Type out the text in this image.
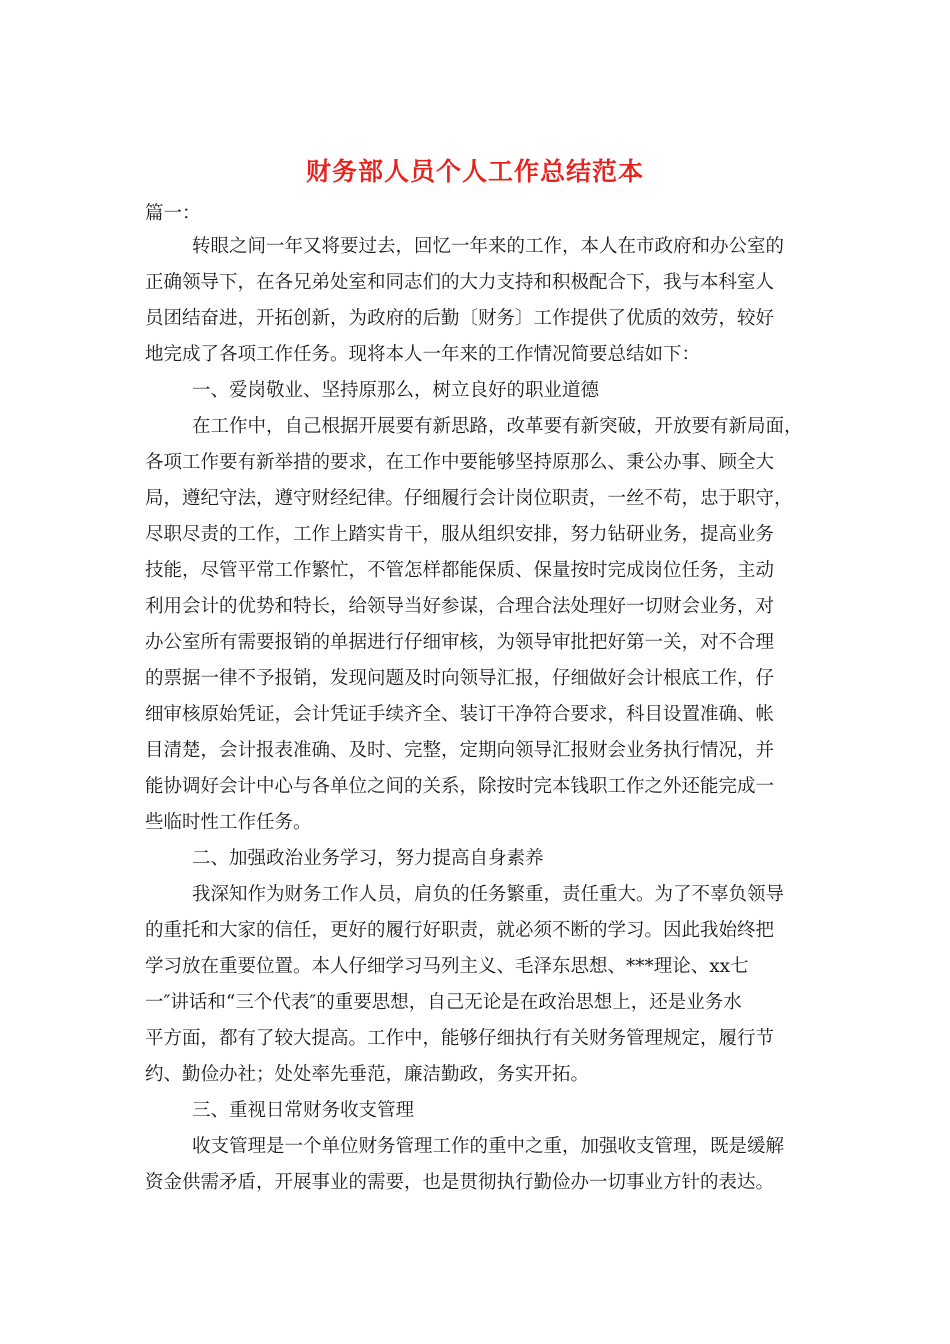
财务部人员个人工作总结范本
篇一：
转眼之间一年又将要过去，回忆一年来的工作，本人在市政府和办公室的
正确领导下，在各兄弟处室和同志们的大力支持和积极配合下，我与本科室人
员团结奋进，开拓创新，为政府的后勤〔财务〕工作提供了优质的效劳，较好
地完成了各项工作任务。现将本人一年来的工作情况简要总结如下：
一、爱岗敬业、坚持原那么，树立良好的职业道德
在工作中，自己根据开展要有新思路，改革要有新突破，开放要有新局面，
各项工作要有新举措的要求，在工作中要能够坚持原那么、秉公办事、顾全大
局，遵纪守法，遵守财经纪律。仔细履行会计岗位职责，一丝不苟，忠于职守，
尽职尽责的工作，工作上踏实肯干，服从组织安排，努力钻研业务，提高业务
技能，尽管平常工作繁忙，不管怎样都能保质、保量按时完成岗位任务，主动
利用会计的优势和特长，给领导当好参谋，合理合法处理好一切财会业务，对
办公室所有需要报销的单据进行仔细审核，为领导审批把好第一关，对不合理
的票据一律不予报销，发现问题及时向领导汇报，仔细做好会计根底工作，仔
细审核原始凭证，会计凭证手续齐全、装订干净符合要求，科目设置准确、帐
目清楚，会计报表准确、及时、完整，定期向领导汇报财会业务执行情况，并
能协调好会计中心与各单位之间的关系，除按时完本钱职工作之外还能完成一
些临时性工作任务。
二、加强政治业务学习，努力提高自身素养
我深知作为财务工作人员，肩负的任务繁重，责任重大。为了不辜负领导
的重托和大家的信任，更好的履行好职责，就必须不断的学习。因此我始终把
学习放在重要位置。本人仔细学习马列主义、毛泽东思想、***理论、xx七
一″讲话和“三个代表″的重要思想，自己无论是在政治思想上，还是业务水
平方面，都有了较大提高。工作中，能够仔细执行有关财务管理规定，履行节
约、勤俭办社；处处率先垂范，廉洁勤政，务实开拓。
三、重视日常财务收支管理
收支管理是一个单位财务管理工作的重中之重，加强收支管理，既是缓解
资金供需矛盾，开展事业的需要，也是贯彻执行勤俭办一切事业方针的表达。
